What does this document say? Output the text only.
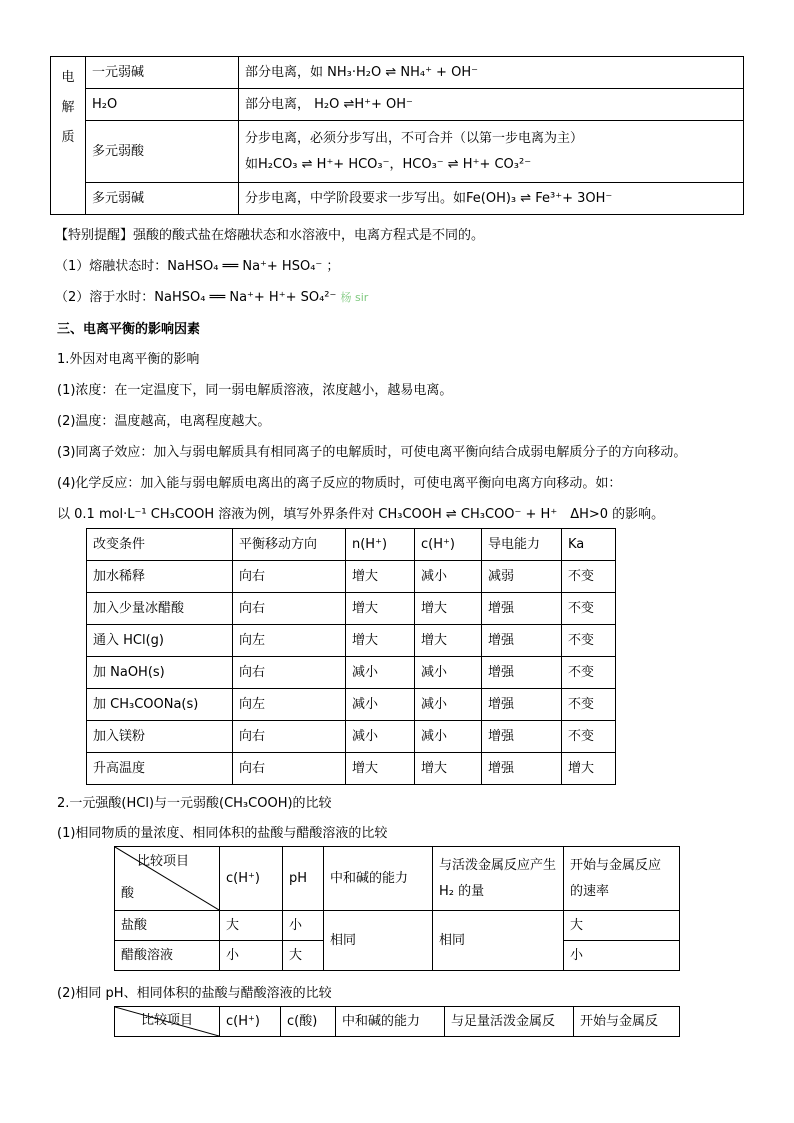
电
解
质	一元弱碱	部分电离，如 NH₃·H₂O ⇌ NH₄⁺ + OH⁻
	H₂O	部分电离， H₂O ⇌H⁺+ OH⁻
	多元弱酸	分步电离，必须分步写出，不可合并（以第一步电离为主）
如H₂CO₃ ⇌ H⁺+ HCO₃⁻，HCO₃⁻ ⇌ H⁺+ CO₃²⁻

	多元弱碱	分步电离，中学阶段要求一步写出。如Fe(OH)₃ ⇌ Fe³⁺+ 3OH⁻
【特别提醒】强酸的酸式盐在熔融状态和水溶液中，电离方程式是不同的。
（1）熔融状态时：NaHSO₄ ══ Na⁺+ HSO₄⁻ ；
（2）溶于水时：NaHSO₄ ══ Na⁺+ H⁺+ SO₄²⁻ 杨 sir
三、电离平衡的影响因素
1.外因对电离平衡的影响
(1)浓度：在一定温度下，同一弱电解质溶液，浓度越小，越易电离。
(2)温度：温度越高，电离程度越大。
(3)同离子效应：加入与弱电解质具有相同离子的电解质时，可使电离平衡向结合成弱电解质分子的方向移动。
(4)化学反应：加入能与弱电解质电离出的离子反应的物质时，可使电离平衡向电离方向移动。如：
以 0.1 mol·L⁻¹ CH₃COOH 溶液为例，填写外界条件对 CH₃COOH ⇌ CH₃COO⁻ + H⁺　ΔH>0 的影响。
改变条件	平衡移动方向	n(H⁺)	c(H⁺)	导电能力	Ka
加水稀释	向右	增大	减小	减弱	不变
加入少量冰醋酸	向右	增大	增大	增强	不变
通入 HCl(g)	向左	增大	增大	增强	不变
加 NaOH(s)	向右	减小	减小	增强	不变
加 CH₃COONa(s)	向左	减小	减小	增强	不变
加入镁粉	向右	减小	减小	增强	不变
升高温度	向右	增大	增大	增强	增大
2.一元强酸(HCl)与一元弱酸(CH₃COOH)的比较
(1)相同物质的量浓度、相同体积的盐酸与醋酸溶液的比较
比较项目
酸	c(H⁺)	pH	中和碱的能力	与活泼金属反应产生 H₂ 的量	开始与金属反应的速率
盐酸	大	小	相同	相同	大
醋酸溶液	小	大			小
(2)相同 pH、相同体积的盐酸与醋酸溶液的比较
比较项目	c(H⁺)	c(酸)	中和碱的能力	与足量活泼金属反	开始与金属反
